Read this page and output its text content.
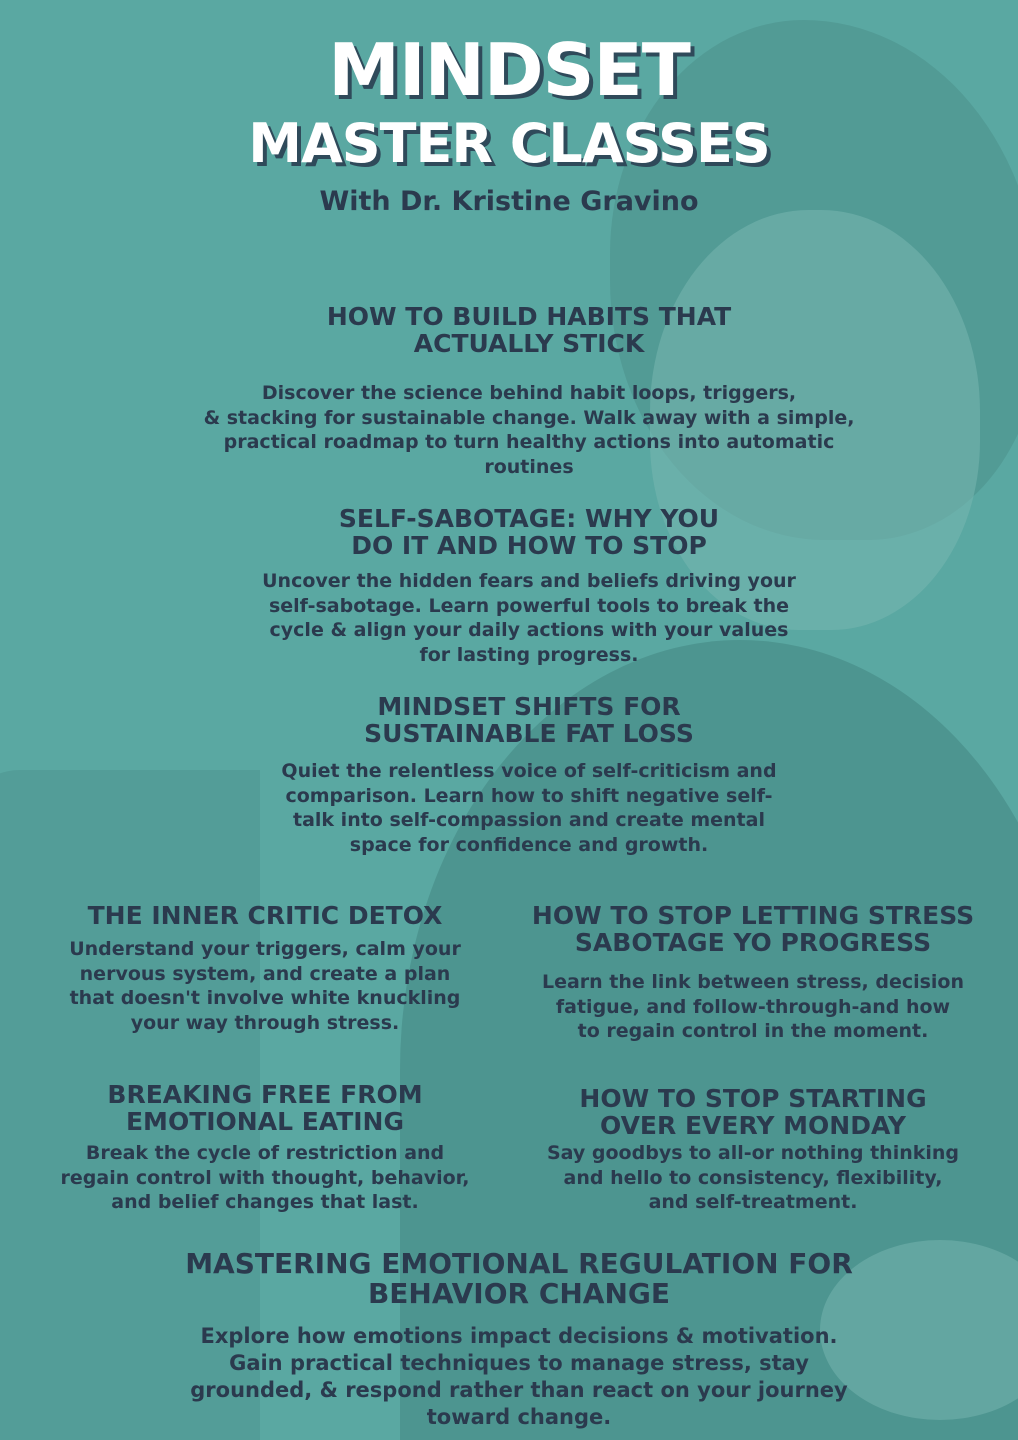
MINDSET
MASTER CLASSES
With Dr. Kristine Gravino
HOW TO BUILD HABITS THAT
ACTUALLY STICK

Discover the science behind habit loops, triggers,
& stacking for sustainable change. Walk away with a simple,
practical roadmap to turn healthy actions into automatic
routines

SELF-SABOTAGE: WHY YOU
DO IT AND HOW TO STOP

Uncover the hidden fears and beliefs driving your
self-sabotage. Learn powerful tools to break the
cycle & align your daily actions with your values
for lasting progress.

MINDSET SHIFTS FOR
SUSTAINABLE FAT LOSS

Quiet the relentless voice of self-criticism and
comparison. Learn how to shift negative self-
talk into self-compassion and create mental
space for confidence and growth.

THE INNER CRITIC DETOX

Understand your triggers, calm your
nervous system, and create a plan
that doesn't involve white knuckling
your way through stress.

HOW TO STOP LETTING STRESS
SABOTAGE YO PROGRESS

Learn the link between stress, decision
fatigue, and follow-through-and how
to regain control in the moment.

BREAKING FREE FROM
EMOTIONAL EATING

Break the cycle of restriction and
regain control with thought, behavior,
and belief changes that last.

HOW TO STOP STARTING
OVER EVERY MONDAY

Say goodbys to all-or nothing thinking
and hello to consistency, flexibility,
and self-treatment.

MASTERING EMOTIONAL REGULATION FOR
BEHAVIOR CHANGE

Explore how emotions impact decisions & motivation.
Gain practical techniques to manage stress, stay
grounded, & respond rather than react on your journey
toward change.
